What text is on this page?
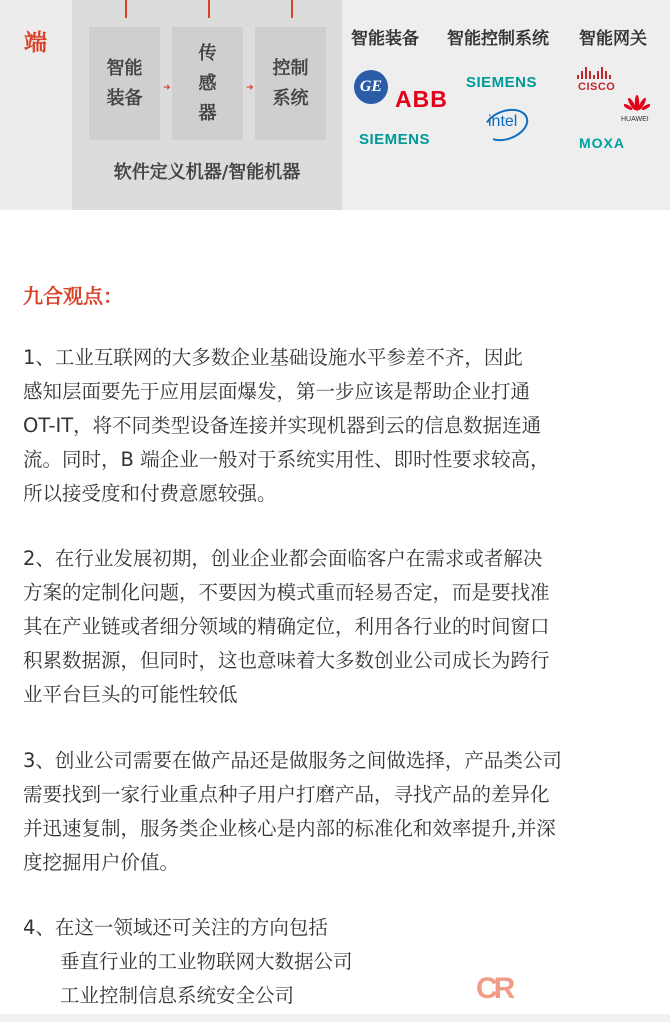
端
智能装备 ➜
传感器
➜
控制系统
软件定义机器/智能机器
智能装备 智能控制系统 智能网关
GE ABB
SIEMENS
SIEMENS
intel
CISCO
HUAWEI
MOXA
九合观点：
1、工业互联网的大多数企业基础设施水平参差不齐，因此
感知层面要先于应用层面爆发，第一步应该是帮助企业打通
OT-IT，将不同类型设备连接并实现机器到云的信息数据连通
流。同时，B 端企业一般对于系统实用性、即时性要求较高，
所以接受度和付费意愿较强。
2、在行业发展初期，创业企业都会面临客户在需求或者解决
方案的定制化问题，不要因为模式重而轻易否定，而是要找准
其在产业链或者细分领域的精确定位，利用各行业的时间窗口
积累数据源，但同时，这也意味着大多数创业公司成长为跨行
业平台巨头的可能性较低
3、创业公司需要在做产品还是做服务之间做选择，产品类公司
需要找到一家行业重点种子用户打磨产品，寻找产品的差异化
并迅速复制，服务类企业核心是内部的标准化和效率提升,并深
度挖掘用户价值。
4、在这一领域还可关注的方向包括
垂直行业的工业物联网大数据公司
工业控制信息系统安全公司	CR
